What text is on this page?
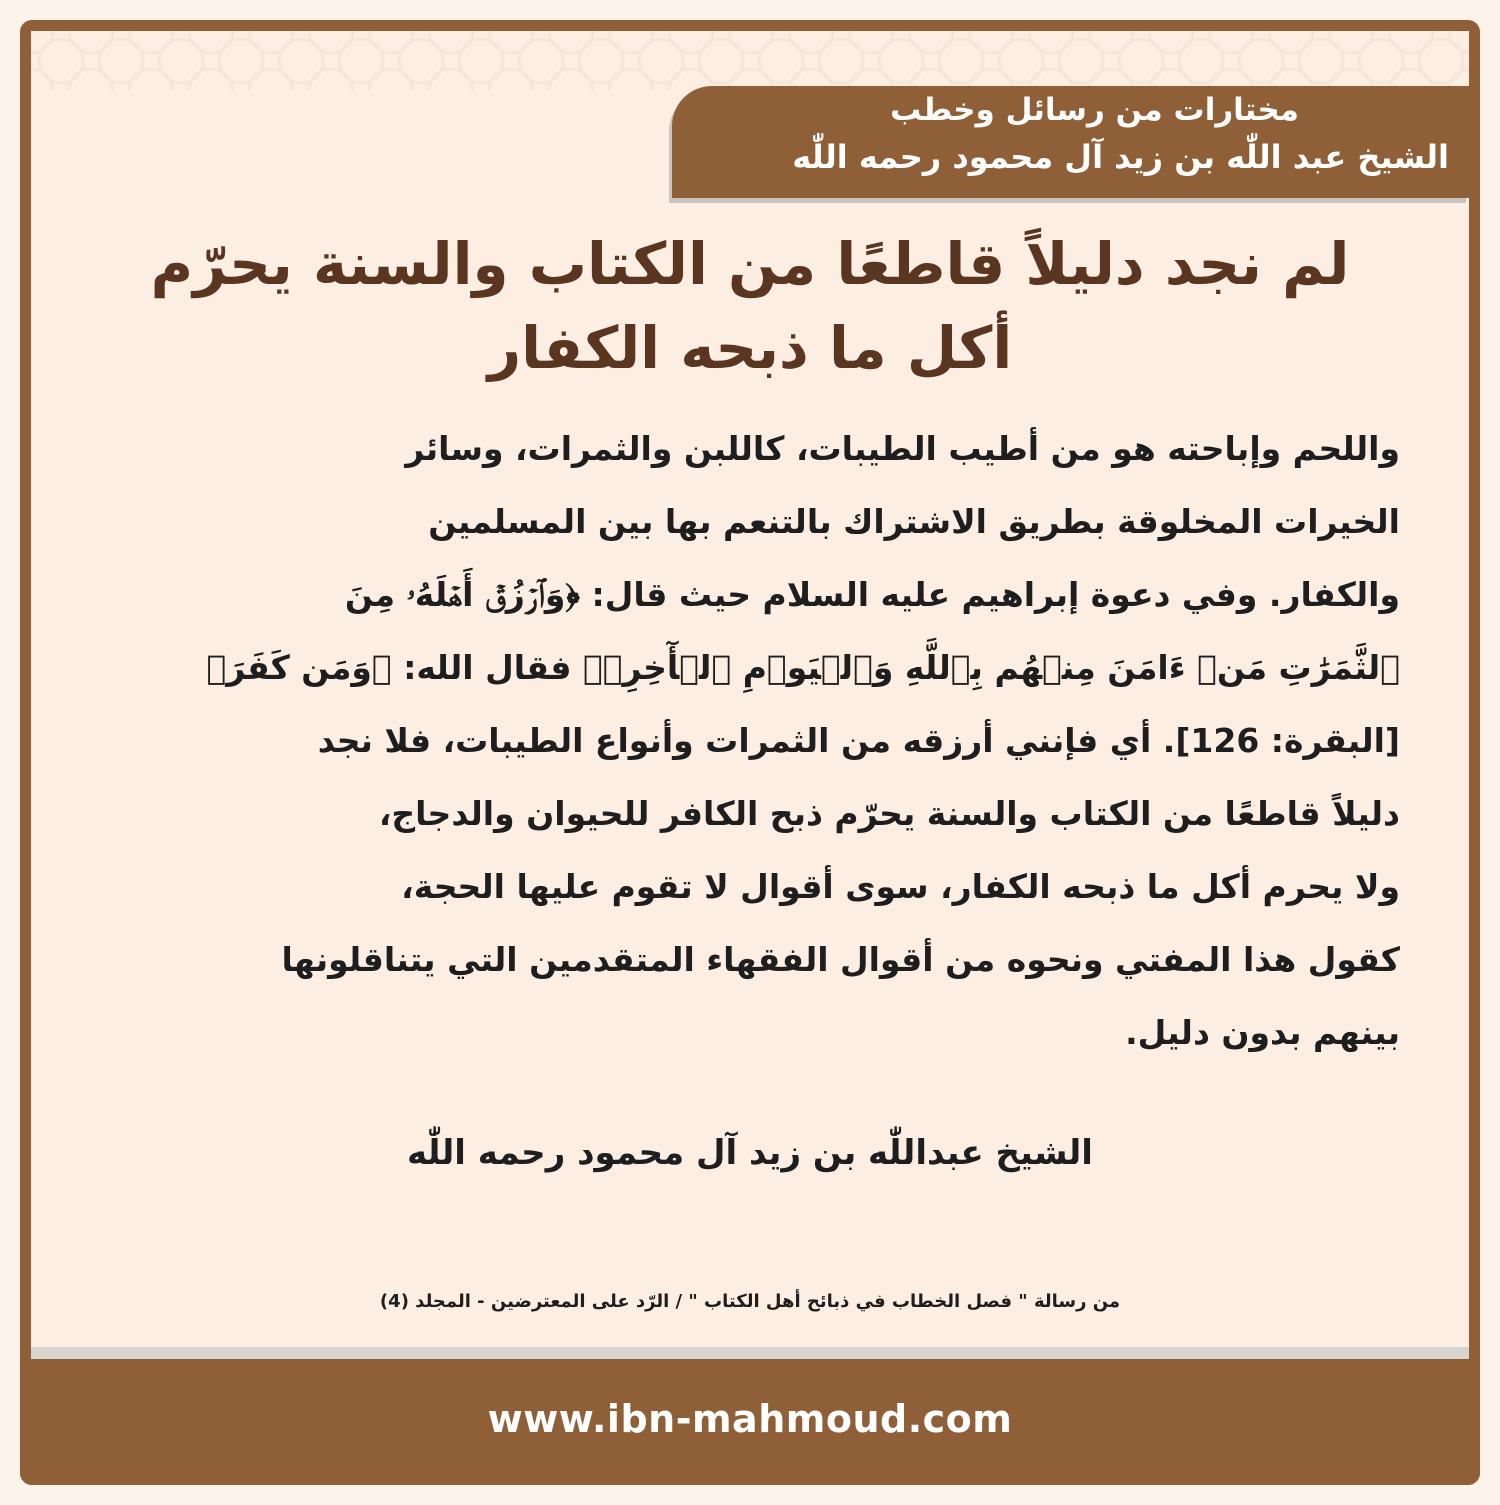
مختارات من رسائل وخطب
الشيخ عبد اللّٰه بن زيد آل محمود رحمه اللّٰه
لم نجد دليلاً قاطعًا من الكتاب والسنة يحرّم
أكل ما ذبحه الكفار
واللحم وإباحته هو من أطيب الطيبات، كاللبن والثمرات، وسائر
الخيرات المخلوقة بطريق الاشتراك بالتنعم بها بين المسلمين
والكفار. وفي دعوة إبراهيم عليه السلام حيث قال: ﴿وَٱرۡزُقۡ أَهۡلَهُۥ مِنَ
ٱلثَّمَرَٰتِ مَنۡ ءَامَنَ مِنۡهُم بِٱللَّهِ وَٱلۡيَوۡمِ ٱلۡأٓخِرِۖ﴾ فقال الله: ﴿وَمَن كَفَرَ﴾
[البقرة: 126]. أي فإنني أرزقه من الثمرات وأنواع الطيبات، فلا نجد
دليلاً قاطعًا من الكتاب والسنة يحرّم ذبح الكافر للحيوان والدجاج،
ولا يحرم أكل ما ذبحه الكفار، سوى أقوال لا تقوم عليها الحجة،
كقول هذا المفتي ونحوه من أقوال الفقهاء المتقدمين التي يتناقلونها
بينهم بدون دليل.
الشيخ عبداللّٰه بن زيد آل محمود رحمه اللّٰه
من رسالة " فصل الخطاب في ذبائح أهل الكتاب " / الرّد على المعترضين - المجلد (4)
www.ibn-mahmoud.com
